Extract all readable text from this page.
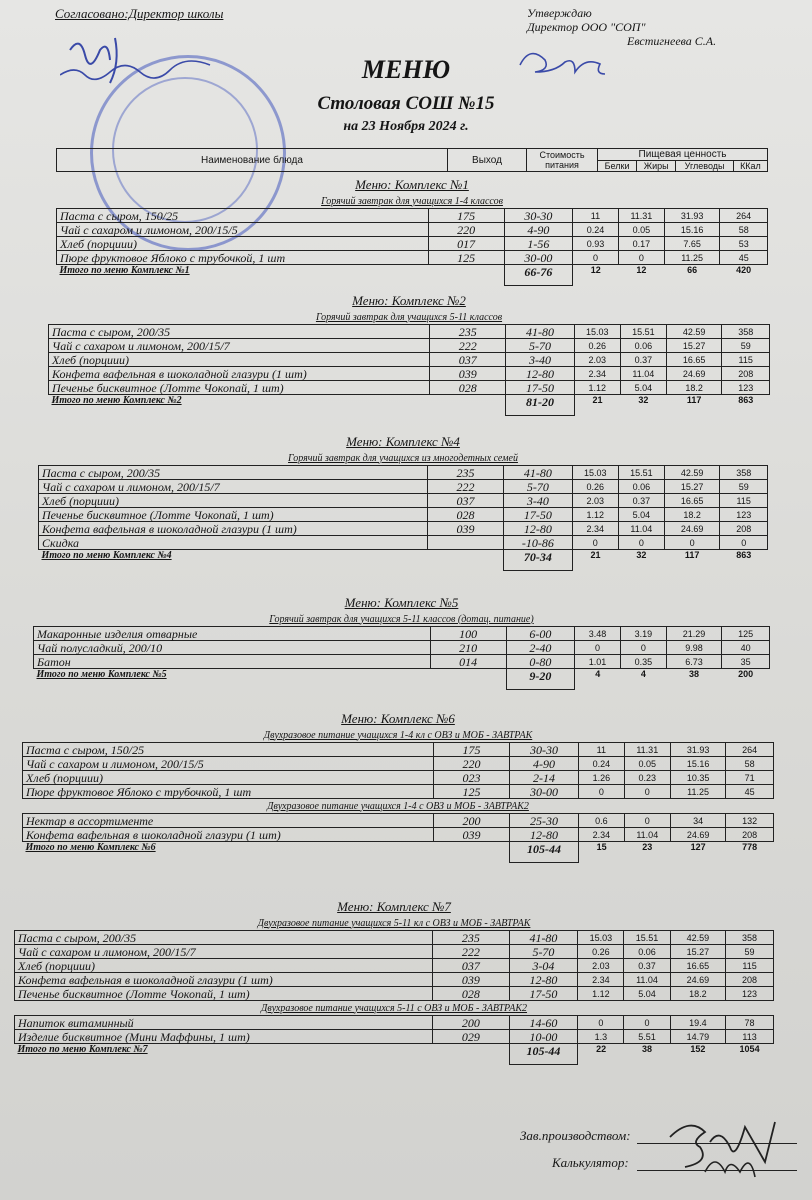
Согласовано:Директор школы	Утверждаю
Директор ООО "СОП"
Евстигнеева С.А.
МЕНЮ
Столовая СОШ №15
на 23 Ноября 2024 г.
Наименование блюда	Выход	Стоимость питания	Пищевая ценность			
			Белки	Жиры	Углеводы	ККал
Меню: Комплекс №1						
Горячий завтрак для учащихся 1-4 классов						
Паста с сыром, 150/25	175	30-30	11	11.31	31.93	264
Чай с сахаром и лимоном, 200/15/5	220	4-90	0.24	0.05	15.16	58
Хлеб (порциии)	017	1-56	0.93	0.17	7.65	53
Пюре фруктовое Яблоко с трубочкой, 1 шт	125	30-00	0	0	11.25	45
Итого по меню Комплекс №1		66-76	12	12	66	420
Меню: Комплекс №2						
Горячий завтрак для учащихся 5-11 классов						
Паста с сыром, 200/35	235	41-80	15.03	15.51	42.59	358
Чай с сахаром и лимоном, 200/15/7	222	5-70	0.26	0.06	15.27	59
Хлеб (порциии)	037	3-40	2.03	0.37	16.65	115
Конфета вафельная в шоколадной глазури (1 шт)	039	12-80	2.34	11.04	24.69	208
Печенье бисквитное (Лотте Чокопай, 1 шт)	028	17-50	1.12	5.04	18.2	123
Итого по меню Комплекс №2		81-20	21	32	117	863
Меню: Комплекс №4						
Горячий завтрак для учащихся из многодетных семей						
Паста с сыром, 200/35	235	41-80	15.03	15.51	42.59	358
Чай с сахаром и лимоном, 200/15/7	222	5-70	0.26	0.06	15.27	59
Хлеб (порциии)	037	3-40	2.03	0.37	16.65	115
Печенье бисквитное (Лотте Чокопай, 1 шт)	028	17-50	1.12	5.04	18.2	123
Конфета вафельная в шоколадной глазури (1 шт)	039	12-80	2.34	11.04	24.69	208
Скидка		-10-86	0	0	0	0
Итого по меню Комплекс №4		70-34	21	32	117	863
Меню: Комплекс №5						
Горячий завтрак для учащихся 5-11 классов (дотац. питание)						
Макаронные изделия отварные	100	6-00	3.48	3.19	21.29	125
Чай полусладкий, 200/10	210	2-40	0	0	9.98	40
Батон	014	0-80	1.01	0.35	6.73	35
Итого по меню Комплекс №5		9-20	4	4	38	200
Меню: Комплекс №6						
Двухразовое питание учащихся 1-4 кл с ОВЗ и МОБ - ЗАВТРАК						
Паста с сыром, 150/25	175	30-30	11	11.31	31.93	264
Чай с сахаром и лимоном, 200/15/5	220	4-90	0.24	0.05	15.16	58
Хлеб (порциии)	023	2-14	1.26	0.23	10.35	71
Пюре фруктовое Яблоко с трубочкой, 1 шт	125	30-00	0	0	11.25	45
Двухразовое питание учащихся 1-4 с ОВЗ и МОБ - ЗАВТРАК2						
Нектар в ассортименте	200	25-30	0.6	0	34	132
Конфета вафельная в шоколадной глазури (1 шт)	039	12-80	2.34	11.04	24.69	208
Итого по меню Комплекс №6		105-44	15	23	127	778
Меню: Комплекс №7						
Двухразовое питание учащихся 5-11 кл с ОВЗ и МОБ - ЗАВТРАК						
Паста с сыром, 200/35	235	41-80	15.03	15.51	42.59	358
Чай с сахаром и лимоном, 200/15/7	222	5-70	0.26	0.06	15.27	59
Хлеб (порциии)	037	3-04	2.03	0.37	16.65	115
Конфета вафельная в шоколадной глазури (1 шт)	039	12-80	2.34	11.04	24.69	208
Печенье бисквитное (Лотте Чокопай, 1 шт)	028	17-50	1.12	5.04	18.2	123
Двухразовое питание учащихся 5-11 с ОВЗ и МОБ - ЗАВТРАК2						
Напиток витаминный	200	14-60	0	0	19.4	78
Изделие бисквитное (Мини Маффины, 1 шт)	029	10-00	1.3	5.51	14.79	113
Итого по меню Комплекс №7		105-44	22	38	152	1054
Зав.производством:
Калькулятор:
